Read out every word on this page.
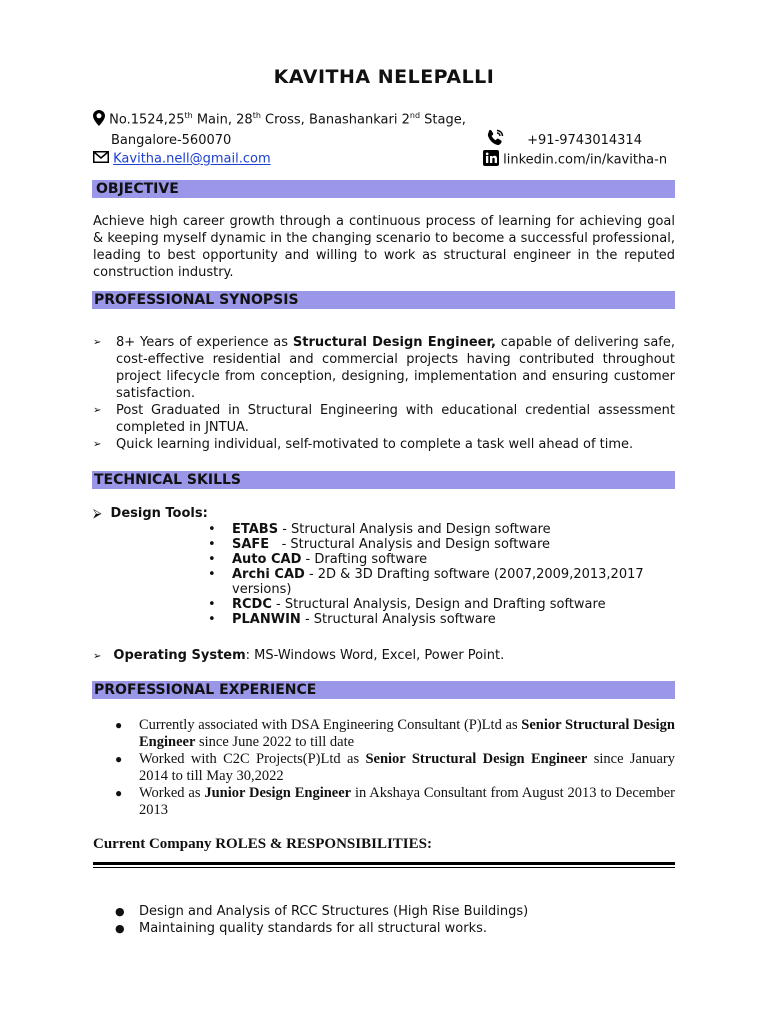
KAVITHA NELEPALLI
No.1524,25th Main, 28th Cross, Banashankari 2nd Stage,
Bangalore-560070
Kavitha.nell@gmail.com
+91-9743014314
linkedin.com/in/kavitha-n
OBJECTIVE
Achieve high career growth through a continuous process of learning for achieving goal & keeping myself dynamic in the changing scenario to become a successful professional, leading to best opportunity and willing to work as structural engineer in the reputed construction industry.
PROFESSIONAL SYNOPSIS
➢ 8+ Years of experience as Structural Design Engineer, capable of delivering safe, cost-effective residential and commercial projects having contributed throughout project lifecycle from conception, designing, implementation and ensuring customer satisfaction.
➢ Post Graduated in Structural Engineering with educational credential assessment completed in JNTUA.
➢ Quick learning individual, self-motivated to complete a task well ahead of time.
TECHNICAL SKILLS
⮚ Design Tools:
• ETABS - Structural Analysis and Design software
• SAFE   - Structural Analysis and Design software
• Auto CAD - Drafting software
• Archi CAD - 2D & 3D Drafting software (2007,2009,2013,2017 versions)
• RCDC - Structural Analysis, Design and Drafting software
• PLANWIN - Structural Analysis software
➢ Operating System: MS-Windows Word, Excel, Power Point.
PROFESSIONAL EXPERIENCE
● Currently associated with DSA Engineering Consultant (P)Ltd as Senior Structural Design Engineer since June 2022 to till date
● Worked with C2C Projects(P)Ltd as Senior Structural Design Engineer since January 2014 to till May 30,2022
● Worked as Junior Design Engineer in Akshaya Consultant from August 2013 to December 2013
Current Company ROLES & RESPONSIBILITIES:
● Design and Analysis of RCC Structures (High Rise Buildings)
● Maintaining quality standards for all structural works.
